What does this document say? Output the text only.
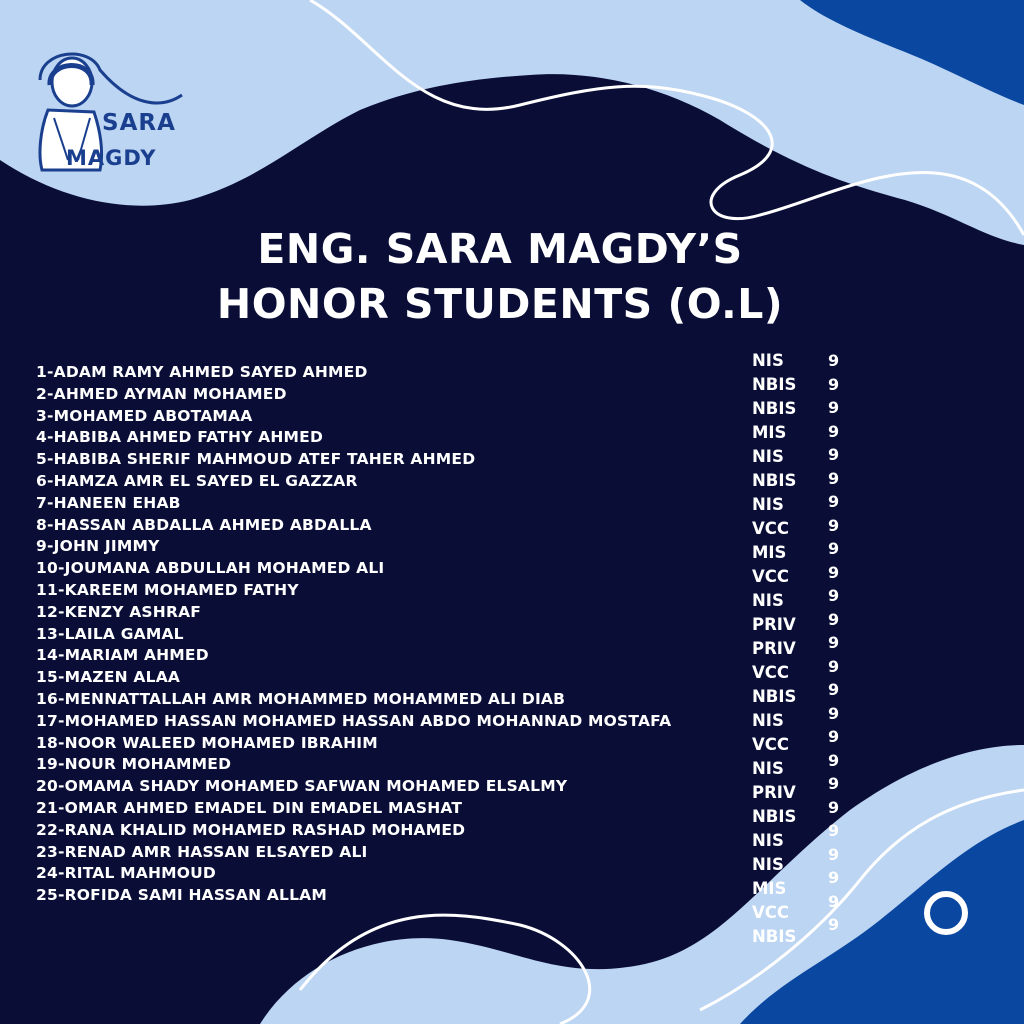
SARA
MAGDY
ENG. SARA MAGDY’S
HONOR STUDENTS (O.L)
1-ADAM RAMY AHMED SAYED AHMED
2-AHMED AYMAN MOHAMED
3-MOHAMED ABOTAMAA
4-HABIBA AHMED FATHY AHMED
5-HABIBA SHERIF MAHMOUD ATEF TAHER AHMED
6-HAMZA AMR EL SAYED EL GAZZAR
7-HANEEN EHAB
8-HASSAN ABDALLA AHMED ABDALLA
9-JOHN JIMMY
10-JOUMANA ABDULLAH MOHAMED ALI
11-KAREEM MOHAMED FATHY
12-KENZY ASHRAF
13-LAILA GAMAL
14-MARIAM AHMED
15-MAZEN ALAA
16-MENNATTALLAH AMR MOHAMMED MOHAMMED ALI DIAB
17-MOHAMED HASSAN MOHAMED HASSAN ABDO MOHANNAD MOSTAFA
18-NOOR WALEED MOHAMED IBRAHIM
19-NOUR MOHAMMED
20-OMAMA SHADY MOHAMED SAFWAN MOHAMED ELSALMY
21-OMAR AHMED EMADEL DIN EMADEL MASHAT
22-RANA KHALID MOHAMED RASHAD MOHAMED
23-RENAD AMR HASSAN ELSAYED ALI
24-RITAL MAHMOUD
25-ROFIDA SAMI HASSAN ALLAM
NIS
NBIS
NBIS
MIS
NIS
NBIS
NIS
VCC
MIS
VCC
NIS
PRIV
PRIV
VCC
NBIS
NIS
VCC
NIS
PRIV
NBIS
NIS
NIS
MIS
VCC
NBIS
9
9
9
9
9
9
9
9
9
9
9
9
9
9
9
9
9
9
9
9
9
9
9
9
9
